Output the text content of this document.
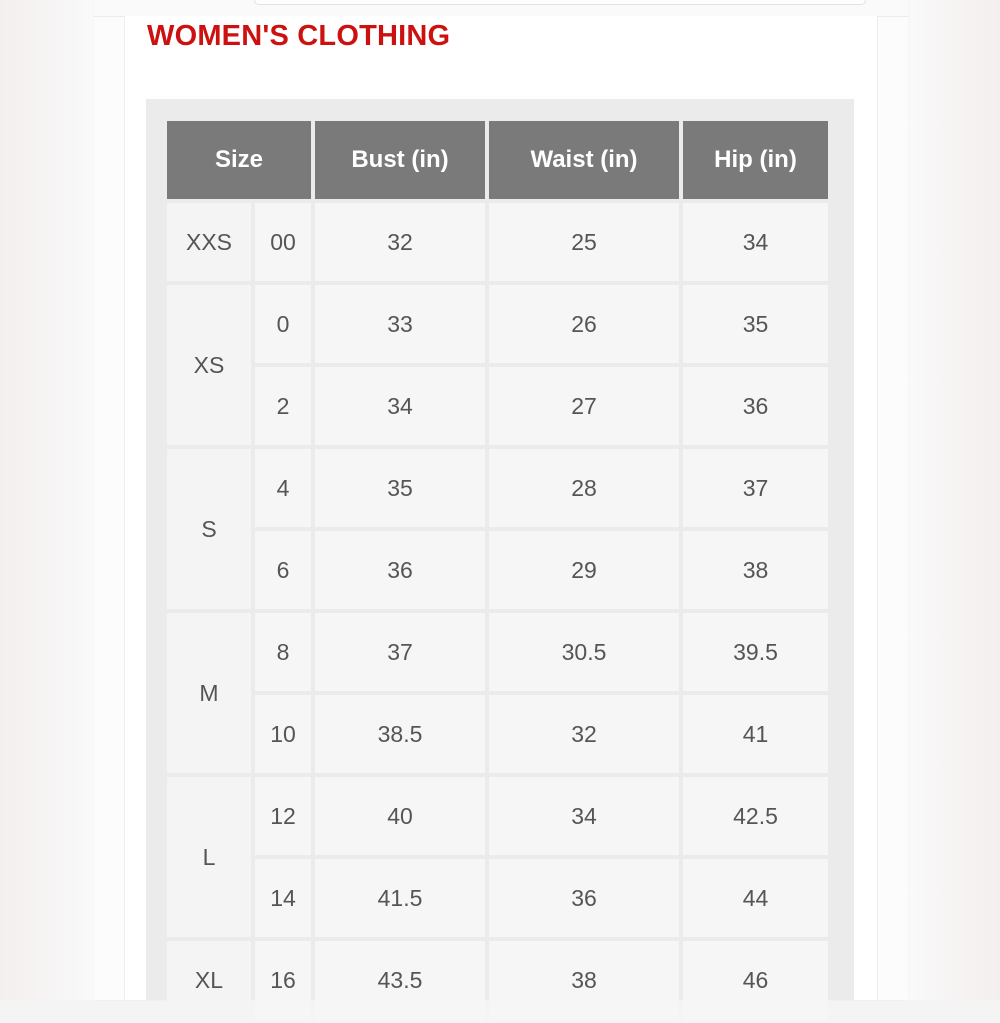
WOMEN'S CLOTHING
Size		Bust (in)	Waist (in)	Hip (in)
XXS	00	32	25	34
XS	0	33	26	35
	2	34	27	36
S	4	35	28	37
	6	36	29	38
M	8	37	30.5	39.5
	10	38.5	32	41
L	12	40	34	42.5
	14	41.5	36	44
XL	16	43.5	38	46
